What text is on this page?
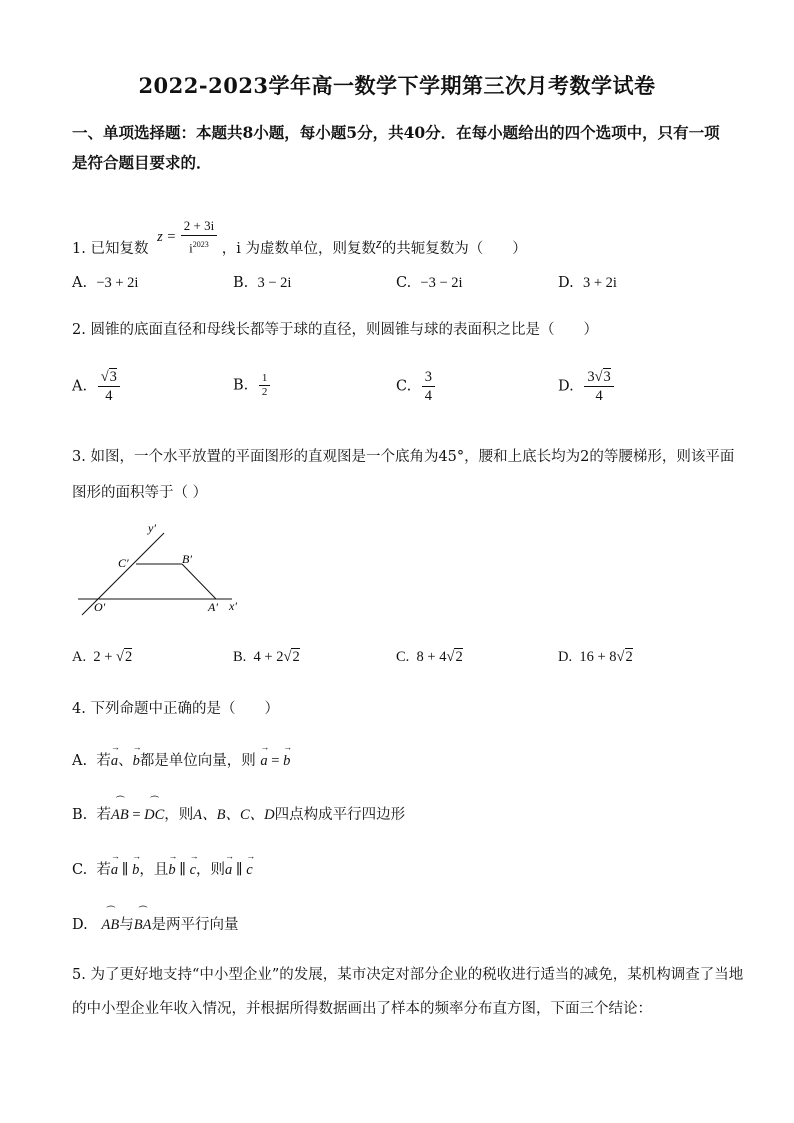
2022-2023学年高一数学下学期第三次月考数学试卷
一、单项选择题：本题共8小题，每小题5分，共40分．在每小题给出的四个选项中，只有一项是符合题目要求的．
1. 已知复数 $z = \frac{2 + 3i}{i^{2023}}$ ，i 为虚数单位，则复数z的共轭复数为（　　）
A. −3 + 2i	B. 3 − 2i	C. −3 − 2i	D. 3 + 2i
2. 圆锥的底面直径和母线长都等于球的直径，则圆锥与球的表面积之比是（　　）
A. $\frac{√3}{4}$	B. $\frac{1}{2}$	C. $\frac{3}{4}$	D. $\frac{3√3}{4}$
3. 如图，一个水平放置的平面图形的直观图是一个底角为45°，腰和上底长均为2的等腰梯形，则该平面
图形的面积等于（ ）
y′
x′
C′	B′
O′	A′
A. 2 + √2	B. 4 + 2√2	C. 8 + 4√2	D. 16 + 8√2
4. 下列命题中正确的是（　　）
A. 若→ a、→ b都是单位向量，则 → a = → b
B. 若⏜ AB = ⏜ DC，则A、B、C、D四点构成平行四边形
C. 若→ a ∥ → b，且→ b ∥ → c，则→ a ∥ → c
D. ⏜ AB与⏜ BA是两平行向量
5. 为了更好地支持“中小型企业”的发展，某市决定对部分企业的税收进行适当的减免，某机构调查了当地
的中小型企业年收入情况，并根据所得数据画出了样本的频率分布直方图，下面三个结论：
